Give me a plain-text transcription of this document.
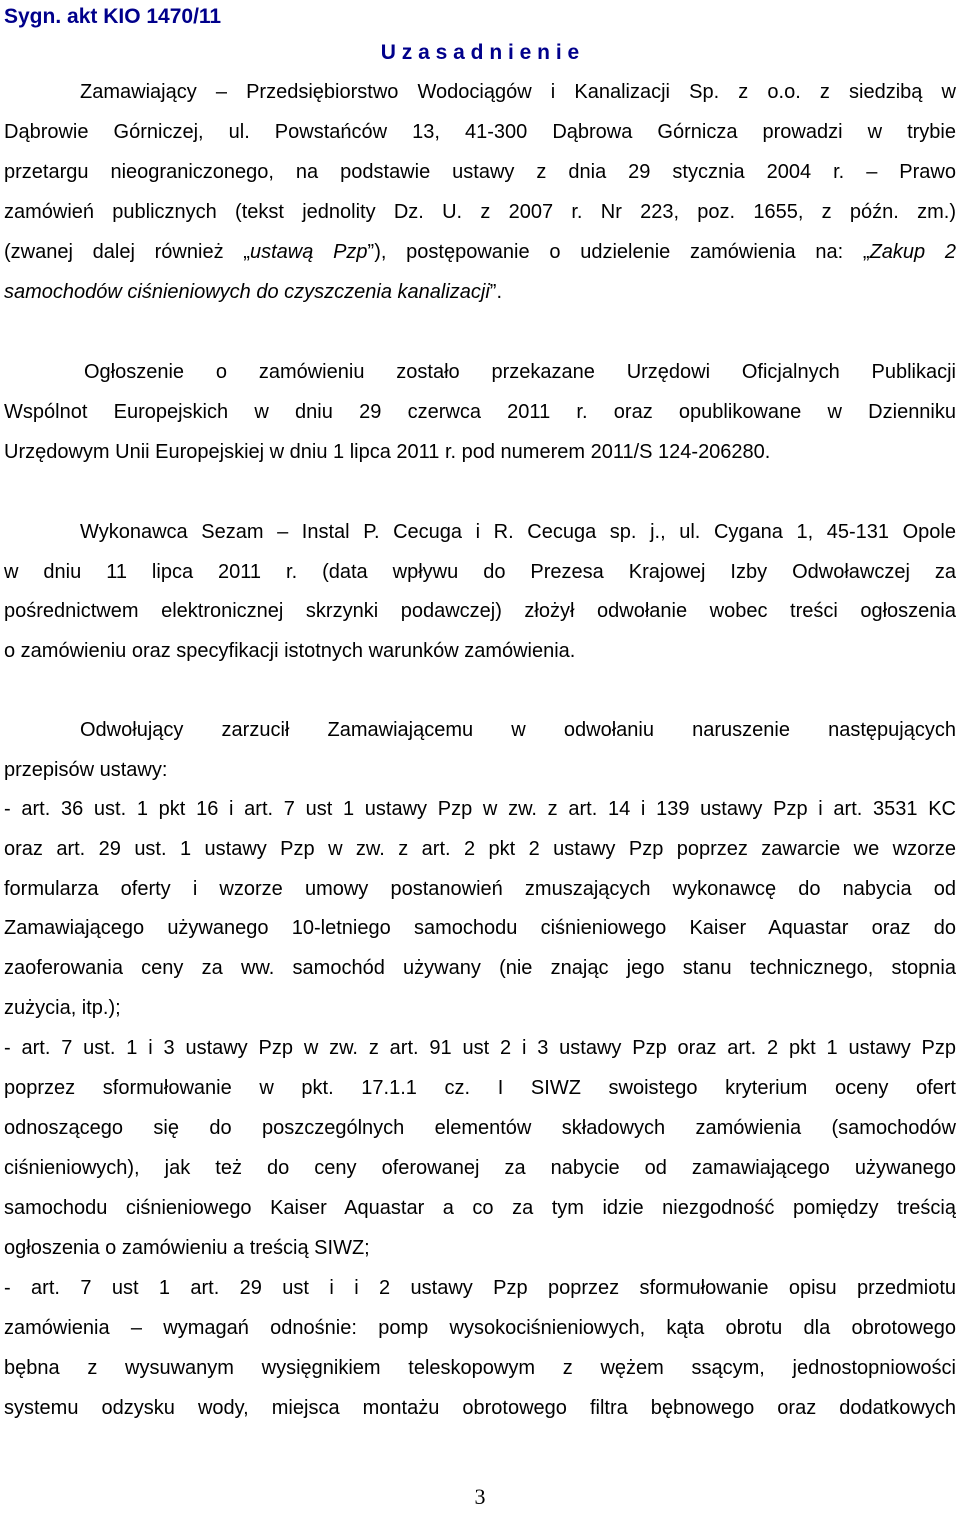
Sygn. akt KIO 1470/11
U z a s a d n i e n i e
Zamawiający – Przedsiębiorstwo Wodociągów i Kanalizacji Sp. z o.o. z siedzibą w
Dąbrowie Górniczej, ul. Powstańców 13, 41-300 Dąbrowa Górnicza prowadzi w trybie
przetargu nieograniczonego, na podstawie ustawy z dnia 29 stycznia 2004 r. – Prawo
zamówień publicznych (tekst jednolity Dz. U. z 2007 r. Nr 223, poz. 1655, z późn. zm.)
(zwanej dalej również „ustawą Pzp”), postępowanie o udzielenie zamówienia na: „Zakup 2
samochodów ciśnieniowych do czyszczenia kanalizacji”.
Ogłoszenie o zamówieniu zostało przekazane Urzędowi Oficjalnych Publikacji
Wspólnot Europejskich w dniu 29 czerwca 2011 r. oraz opublikowane w Dzienniku
Urzędowym Unii Europejskiej w dniu 1 lipca 2011 r. pod numerem 2011/S 124-206280.
Wykonawca Sezam – Instal P. Cecuga i R. Cecuga sp. j., ul. Cygana 1, 45-131 Opole
w dniu 11 lipca 2011 r. (data wpływu do Prezesa Krajowej Izby Odwoławczej za
pośrednictwem elektronicznej skrzynki podawczej) złożył odwołanie wobec treści ogłoszenia
o zamówieniu oraz specyfikacji istotnych warunków zamówienia.
Odwołujący zarzucił Zamawiającemu w odwołaniu naruszenie następujących
przepisów ustawy:
- art. 36 ust. 1 pkt 16 i art. 7 ust 1 ustawy Pzp w zw. z art. 14 i 139 ustawy Pzp i art. 3531 KC
oraz art. 29 ust. 1 ustawy Pzp w zw. z art. 2 pkt 2 ustawy Pzp poprzez zawarcie we wzorze
formularza oferty i wzorze umowy postanowień zmuszających wykonawcę do nabycia od
Zamawiającego używanego 10-letniego samochodu ciśnieniowego Kaiser Aquastar oraz do
zaoferowania ceny za ww. samochód używany (nie znając jego stanu technicznego, stopnia
zużycia, itp.);
- art. 7 ust. 1 i 3 ustawy Pzp w zw. z art. 91 ust 2 i 3 ustawy Pzp oraz art. 2 pkt 1 ustawy Pzp
poprzez sformułowanie w pkt. 17.1.1 cz. I SIWZ swoistego kryterium oceny ofert
odnoszącego się do poszczególnych elementów składowych zamówienia (samochodów
ciśnieniowych), jak też do ceny oferowanej za nabycie od zamawiającego używanego
samochodu ciśnieniowego Kaiser Aquastar a co za tym idzie niezgodność pomiędzy treścią
ogłoszenia o zamówieniu a treścią SIWZ;
- art. 7 ust 1 art. 29 ust i i 2 ustawy Pzp poprzez sformułowanie opisu przedmiotu
zamówienia – wymagań odnośnie: pomp wysokociśnieniowych, kąta obrotu dla obrotowego
bębna z wysuwanym wysięgnikiem teleskopowym z wężem ssącym, jednostopniowości
systemu odzysku wody, miejsca montażu obrotowego filtra bębnowego oraz dodatkowych
3
